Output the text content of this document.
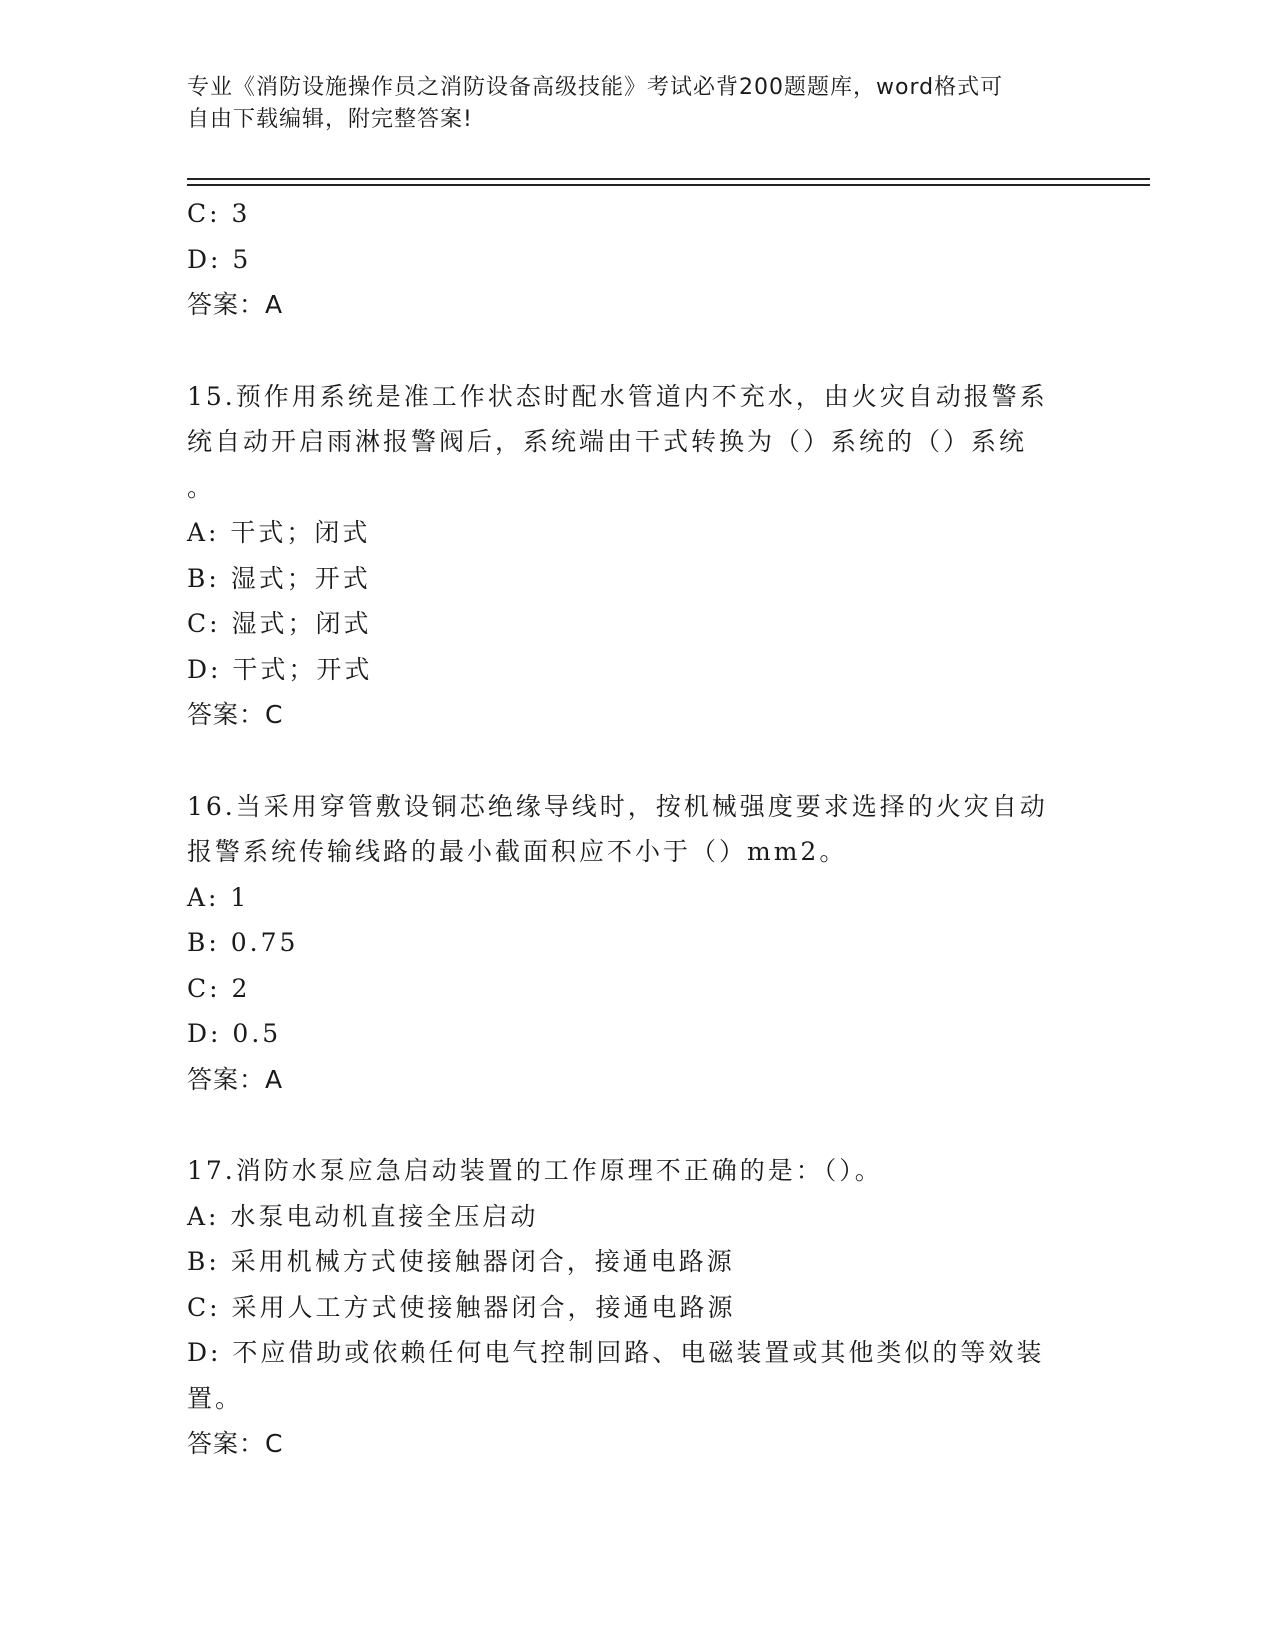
专业《消防设施操作员之消防设备高级技能》考试必背200题题库，word格式可
自由下载编辑，附完整答案!
C: 3
D: 5
答案：A
15.预作用系统是准工作状态时配水管道内不充水，由火灾自动报警系
统自动开启雨淋报警阀后，系统端由干式转换为（）系统的（）系统
。
A: 干式；闭式
B: 湿式；开式
C: 湿式；闭式
D: 干式；开式
答案：C
16.当采用穿管敷设铜芯绝缘导线时，按机械强度要求选择的火灾自动
报警系统传输线路的最小截面积应不小于（）mm2。
A: 1
B: 0.75
C: 2
D: 0.5
答案：A
17.消防水泵应急启动装置的工作原理不正确的是：（）。
A: 水泵电动机直接全压启动
B: 采用机械方式使接触器闭合，接通电路源
C: 采用人工方式使接触器闭合，接通电路源
D: 不应借助或依赖任何电气控制回路、电磁装置或其他类似的等效装
置。
答案：C
